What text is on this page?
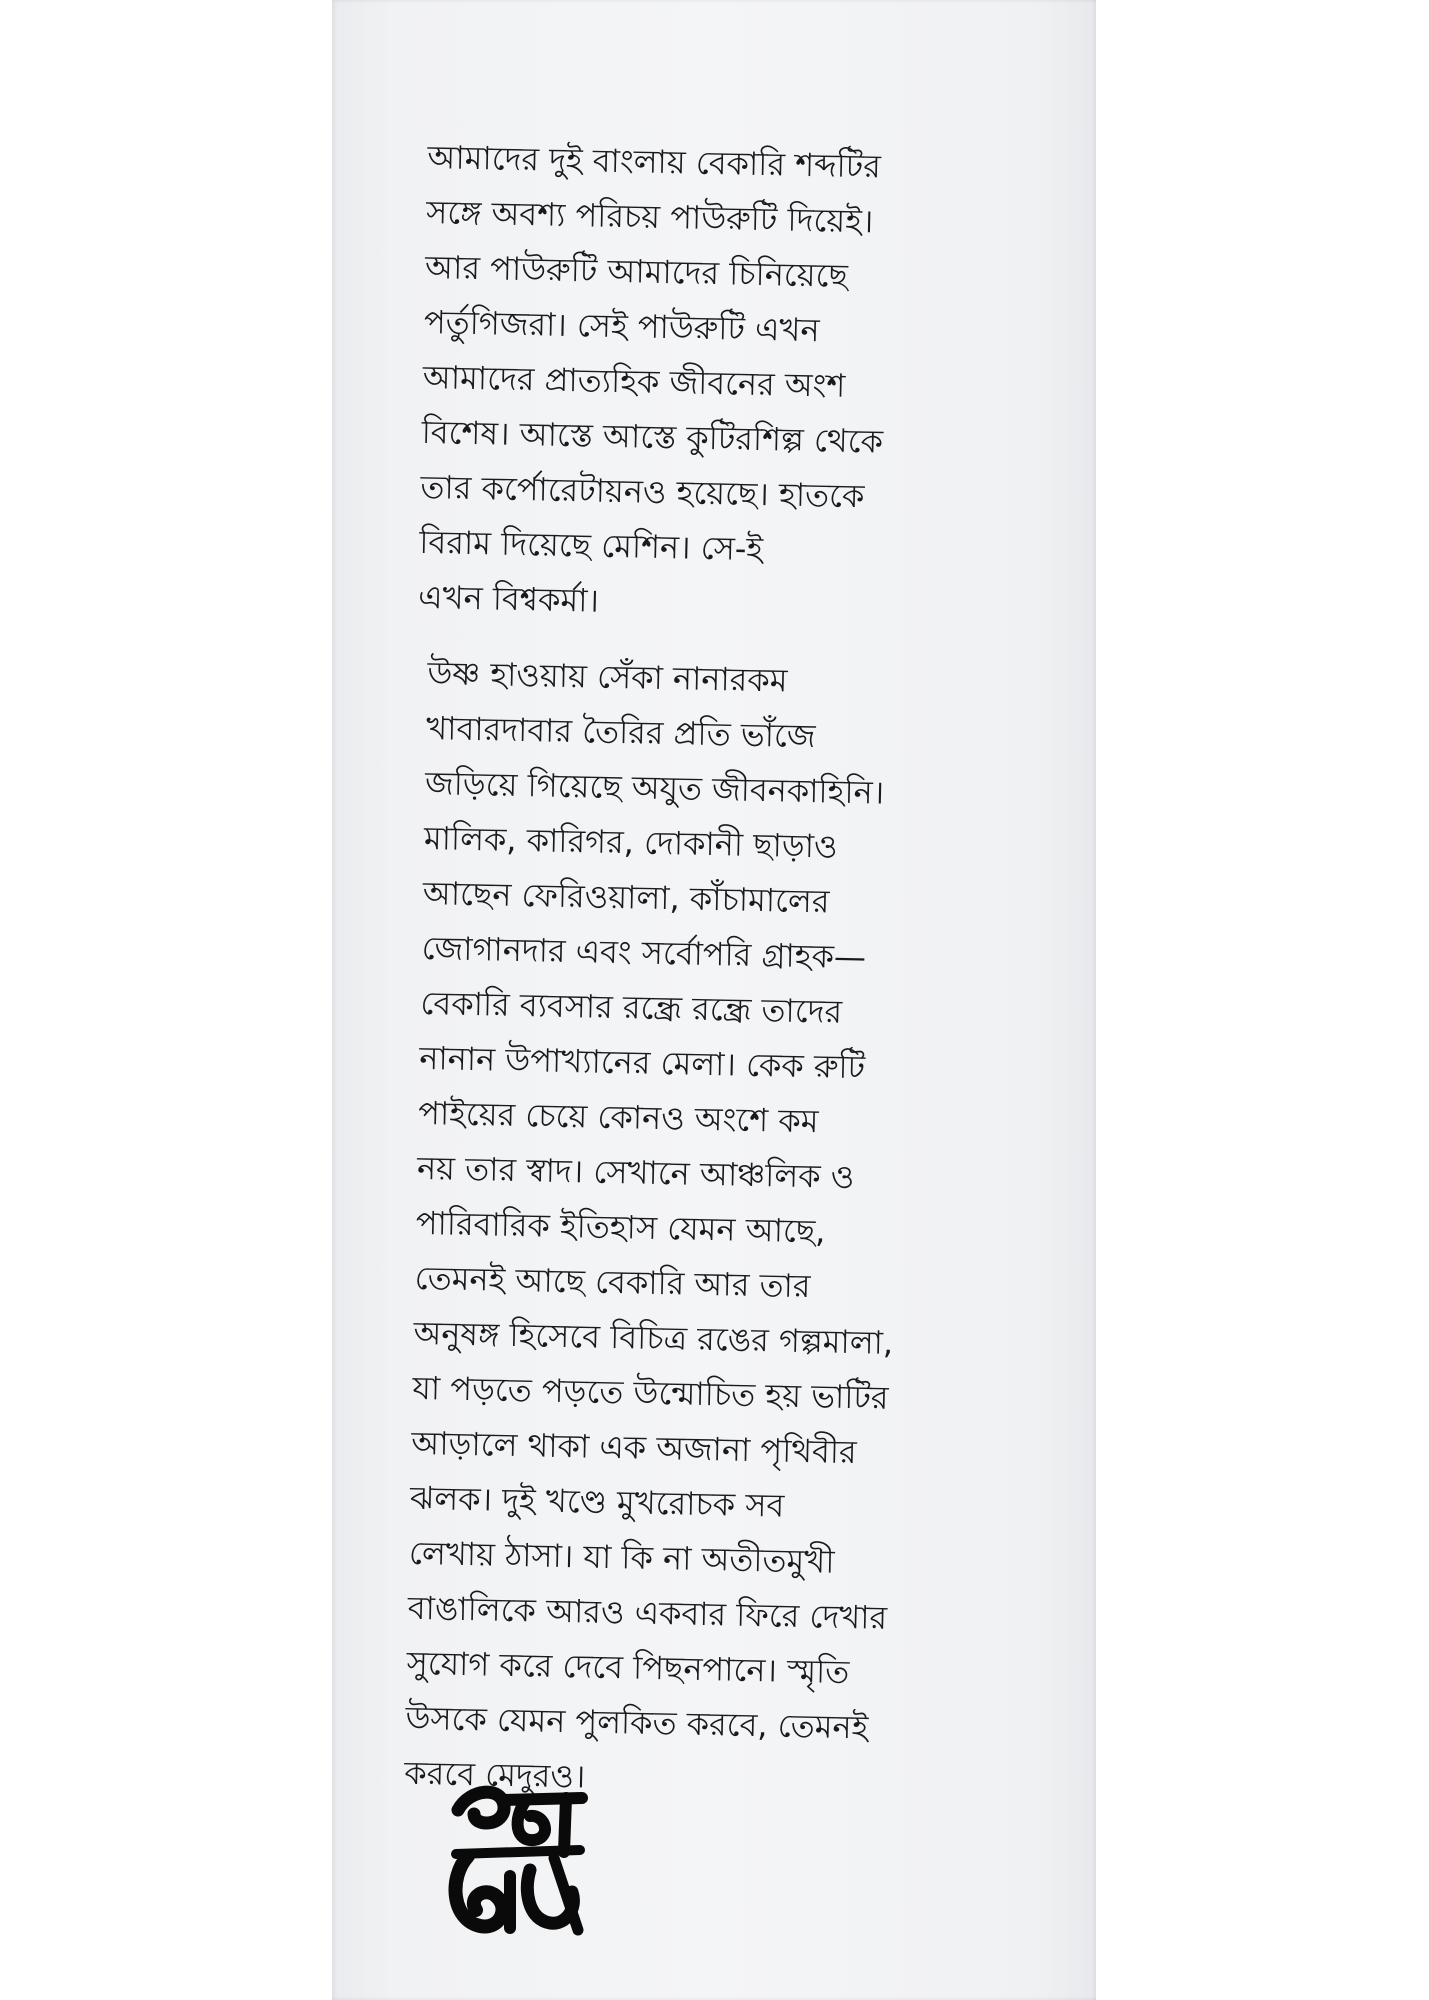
আমাদের দুই বাংলায় বেকারি শব্দটির
সঙ্গে অবশ্য পরিচয় পাউরুটি দিয়েই।
আর পাউরুটি আমাদের চিনিয়েছে
পর্তুগিজরা। সেই পাউরুটি এখন
আমাদের প্রাত্যহিক জীবনের অংশ
বিশেষ। আস্তে আস্তে কুটিরশিল্প থেকে
তার কর্পোরেটায়নও হয়েছে। হাতকে
বিরাম দিয়েছে মেশিন। সে-ই
এখন বিশ্বকর্মা।

উষ্ণ হাওয়ায় সেঁকা নানারকম
খাবারদাবার তৈরির প্রতি ভাঁজে
জড়িয়ে গিয়েছে অযুত জীবনকাহিনি।
মালিক, কারিগর, দোকানী ছাড়াও
আছেন ফেরিওয়ালা, কাঁচামালের
জোগানদার এবং সর্বোপরি গ্রাহক—
বেকারি ব্যবসার রন্ধ্রে রন্ধ্রে তাদের
নানান উপাখ্যানের মেলা। কেক রুটি
পাইয়ের চেয়ে কোনও অংশে কম
নয় তার স্বাদ। সেখানে আঞ্চলিক ও
পারিবারিক ইতিহাস যেমন আছে,
তেমনই আছে বেকারি আর তার
অনুষঙ্গ হিসেবে বিচিত্র রঙের গল্পমালা,
যা পড়তে পড়তে উন্মোচিত হয় ভাটির
আড়ালে থাকা এক অজানা পৃথিবীর
ঝলক। দুই খণ্ডে মুখরোচক সব
লেখায় ঠাসা। যা কি না অতীতমুখী
বাঙালিকে আরও একবার ফিরে দেখার
সুযোগ করে দেবে পিছনপানে। স্মৃতি
উসকে যেমন পুলকিত করবে, তেমনই
করবে মেদুরও।
